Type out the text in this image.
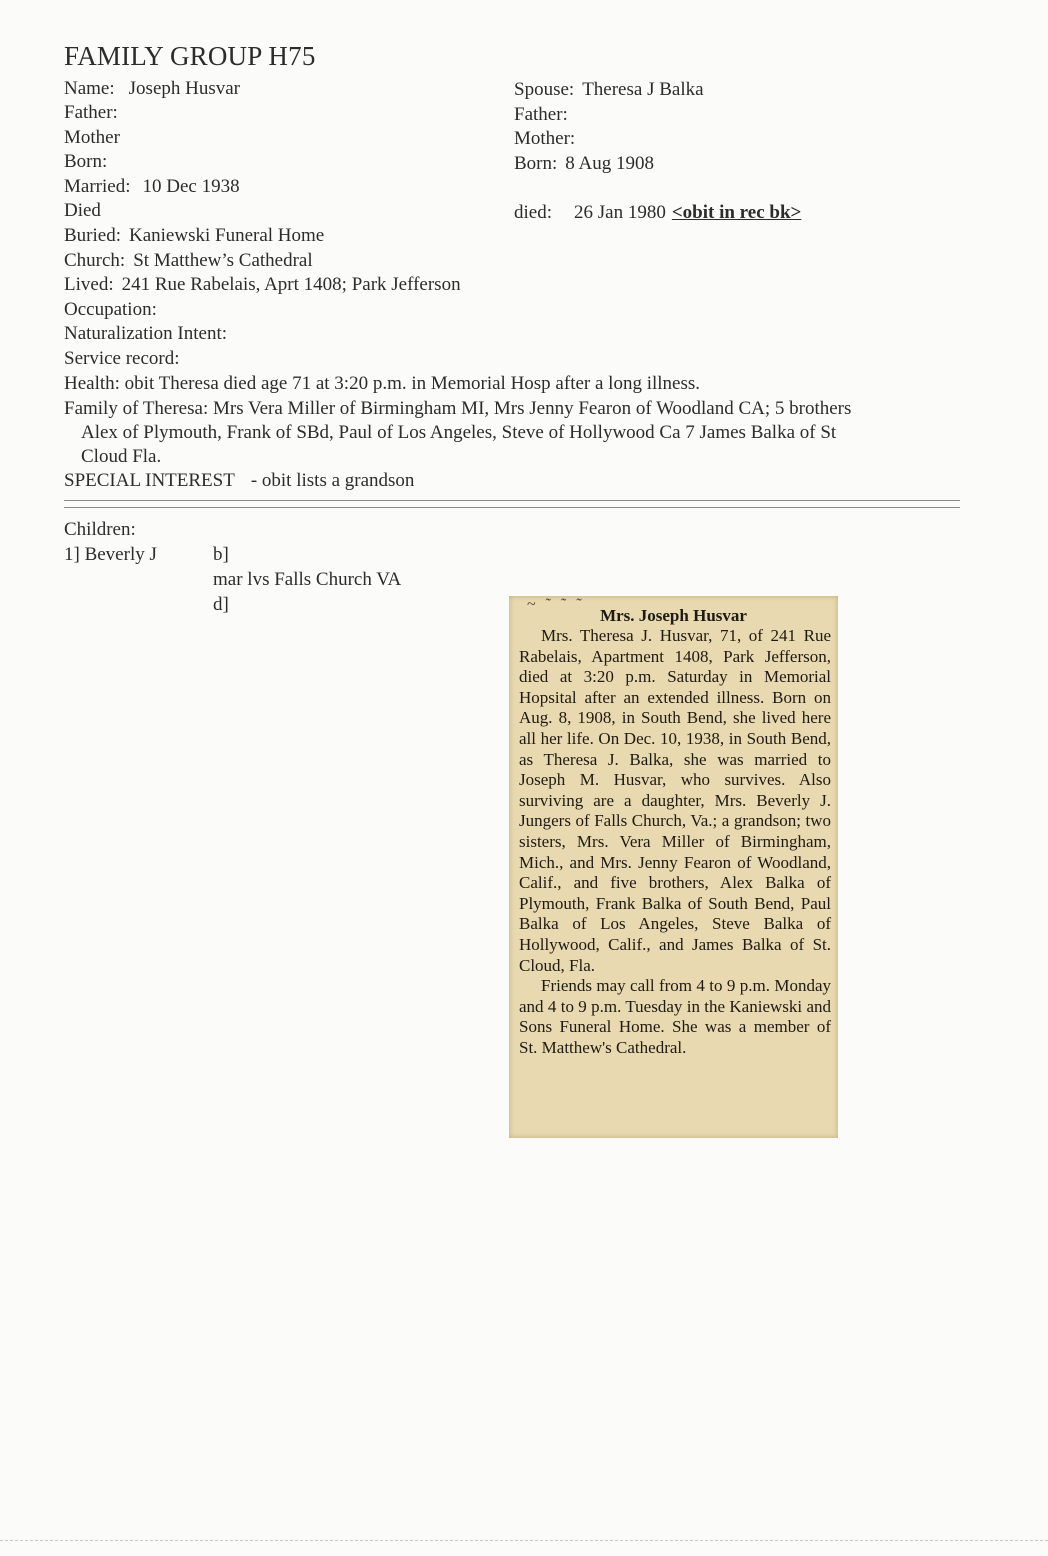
FAMILY GROUP H75
Name: Joseph Husvar
Father:
Mother
Born:
Married: 10 Dec 1938
Died
Spouse: Theresa J Balka
Father:
Mother:
Born: 8 Aug 1908
died: 26 Jan 1980 <obit in rec bk>
Buried: Kaniewski Funeral Home
Church: St Matthew’s Cathedral
Lived: 241 Rue Rabelais, Aprt 1408; Park Jefferson
Occupation:
Naturalization Intent:
Service record:
Health: obit Theresa died age 71 at 3:20 p.m. in Memorial Hosp after a long illness.
Family of Theresa: Mrs Vera Miller of Birmingham MI, Mrs Jenny Fearon of Woodland CA; 5 brothers
Alex of Plymouth, Frank of SBd, Paul of Los Angeles, Steve of Hollywood Ca 7 James Balka of St
Cloud Fla.
SPECIAL INTEREST - obit lists a grandson
Children:
1] Beverly J	b]
mar lvs Falls Church VA
d]	~ ˜ ˜ ˜
Mrs. Joseph Husvar

Mrs. Theresa J. Husvar, 71, of 241 Rue Rabelais, Apartment 1408, Park Jefferson, died at 3:20 p.m. Saturday in Memorial Hopsital after an extended illness. Born on Aug. 8, 1908, in South Bend, she lived here all her life. On Dec. 10, 1938, in South Bend, as Theresa J. Balka, she was married to Joseph M. Husvar, who survives. Also surviving are a daughter, Mrs. Beverly J. Jungers of Falls Church, Va.; a grandson; two sisters, Mrs. Vera Miller of Birmingham, Mich., and Mrs. Jenny Fearon of Woodland, Calif., and five brothers, Alex Balka of Plymouth, Frank Balka of South Bend, Paul Balka of Los Angeles, Steve Balka of Hollywood, Calif., and James Balka of St. Cloud, Fla.

Friends may call from 4 to 9 p.m. Monday and 4 to 9 p.m. Tuesday in the Kaniewski and Sons Funeral Home. She was a member of St. Matthew's Cathedral.
